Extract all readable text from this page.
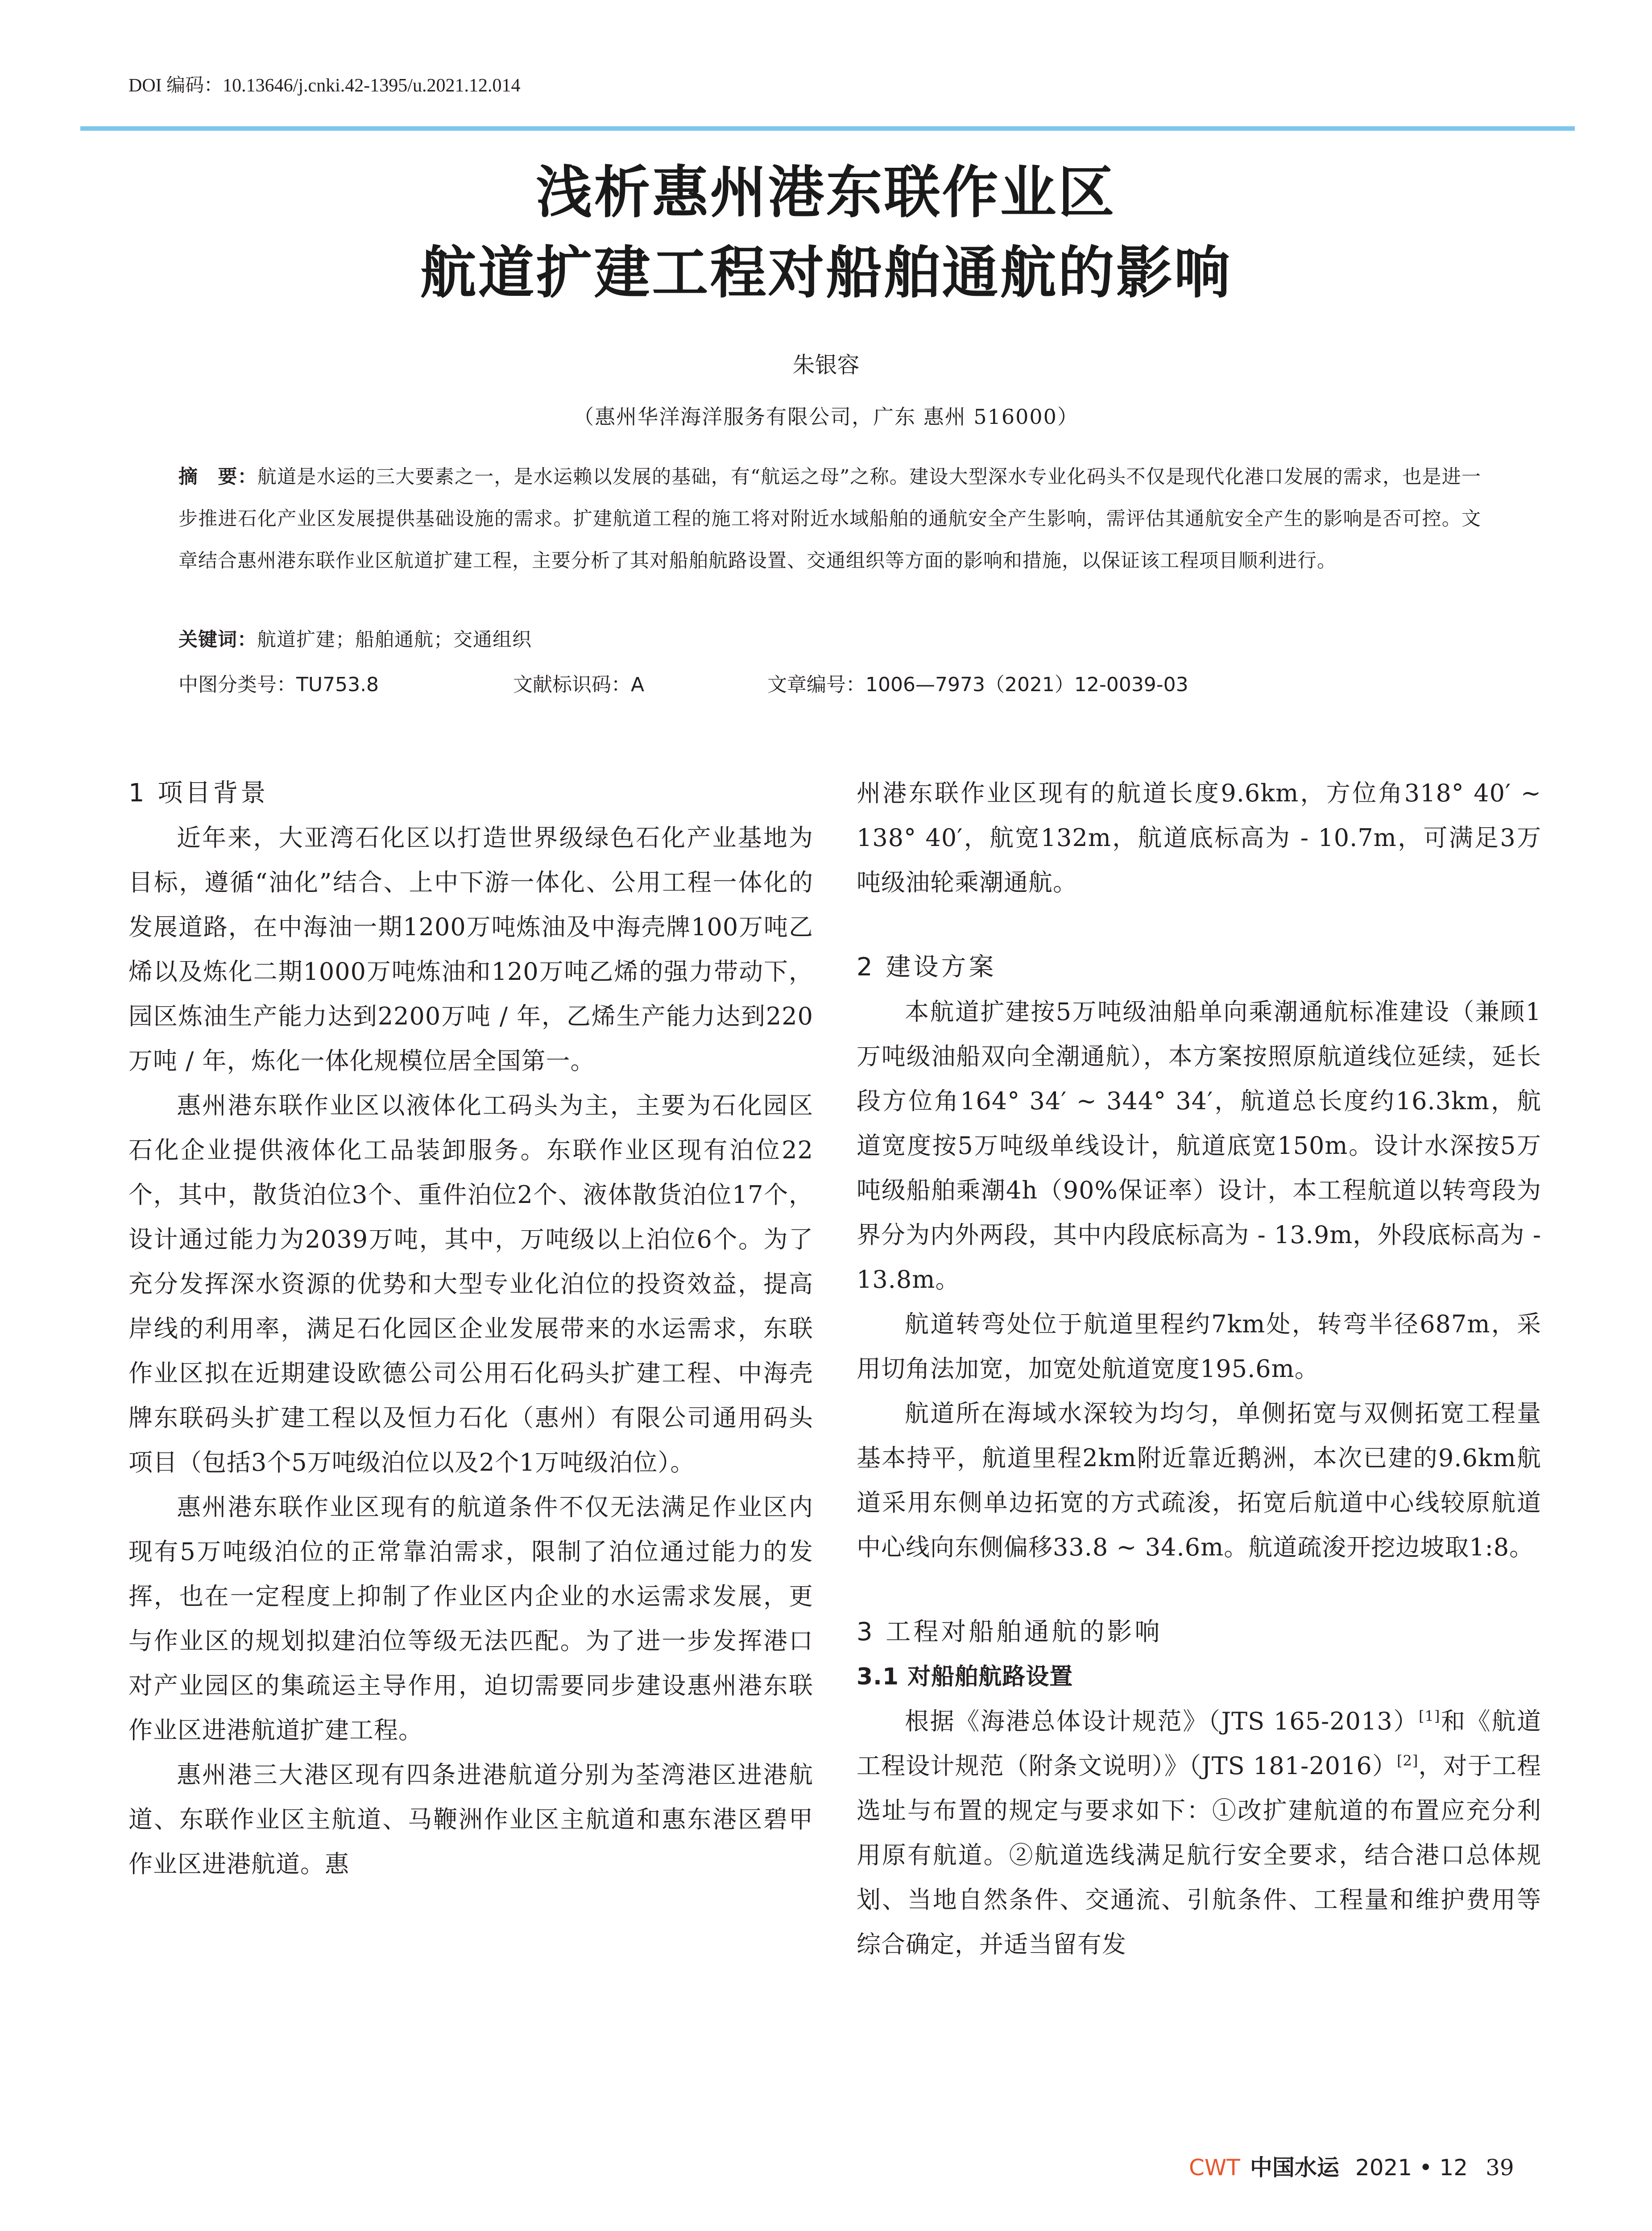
DOI 编码：10.13646/j.cnki.42-1395/u.2021.12.014
浅析惠州港东联作业区
航道扩建工程对船舶通航的影响
朱银容
（惠州华洋海洋服务有限公司，广东 惠州 516000）
摘　要：航道是水运的三大要素之一，是水运赖以发展的基础，有“航运之母”之称。建设大型深水专业化码头不仅是现代化港口发展的需求，也是进一步推进石化产业区发展提供基础设施的需求。扩建航道工程的施工将对附近水域船舶的通航安全产生影响，需评估其通航安全产生的影响是否可控。文章结合惠州港东联作业区航道扩建工程，主要分析了其对船舶航路设置、交通组织等方面的影响和措施，以保证该工程项目顺利进行。
关键词：航道扩建；船舶通航；交通组织
中图分类号：TU753.8	文献标识码：A	文章编号：1006—7973（2021）12-0039-03
1 项目背景

近年来，大亚湾石化区以打造世界级绿色石化产业基地为目标，遵循“油化”结合、上中下游一体化、公用工程一体化的发展道路，在中海油一期1200万吨炼油及中海壳牌100万吨乙烯以及炼化二期1000万吨炼油和120万吨乙烯的强力带动下，园区炼油生产能力达到2200万吨 / 年，乙烯生产能力达到220万吨 / 年，炼化一体化规模位居全国第一。

惠州港东联作业区以液体化工码头为主，主要为石化园区石化企业提供液体化工品装卸服务。东联作业区现有泊位22个，其中，散货泊位3个、重件泊位2个、液体散货泊位17个，设计通过能力为2039万吨，其中，万吨级以上泊位6个。为了充分发挥深水资源的优势和大型专业化泊位的投资效益，提高岸线的利用率，满足石化园区企业发展带来的水运需求，东联作业区拟在近期建设欧德公司公用石化码头扩建工程、中海壳牌东联码头扩建工程以及恒力石化（惠州）有限公司通用码头项目（包括3个5万吨级泊位以及2个1万吨级泊位）。

惠州港东联作业区现有的航道条件不仅无法满足作业区内现有5万吨级泊位的正常靠泊需求，限制了泊位通过能力的发挥，也在一定程度上抑制了作业区内企业的水运需求发展，更与作业区的规划拟建泊位等级无法匹配。为了进一步发挥港口对产业园区的集疏运主导作用，迫切需要同步建设惠州港东联作业区进港航道扩建工程。

惠州港三大港区现有四条进港航道分别为荃湾港区进港航道、东联作业区主航道、马鞭洲作业区主航道和惠东港区碧甲作业区进港航道。惠

州港东联作业区现有的航道长度9.6km，方位角318° 40′ ~ 138° 40′，航宽132m，航道底标高为 - 10.7m，可满足3万吨级油轮乘潮通航。

2 建设方案

本航道扩建按5万吨级油船单向乘潮通航标准建设（兼顾1万吨级油船双向全潮通航），本方案按照原航道线位延续，延长段方位角164° 34′ ~ 344° 34′，航道总长度约16.3km，航道宽度按5万吨级单线设计，航道底宽150m。设计水深按5万吨级船舶乘潮4h（90%保证率）设计，本工程航道以转弯段为界分为内外两段，其中内段底标高为 - 13.9m，外段底标高为 - 13.8m。

航道转弯处位于航道里程约7km处，转弯半径687m，采用切角法加宽，加宽处航道宽度195.6m。

航道所在海域水深较为均匀，单侧拓宽与双侧拓宽工程量基本持平，航道里程2km附近靠近鹅洲，本次已建的9.6km航道采用东侧单边拓宽的方式疏浚，拓宽后航道中心线较原航道中心线向东侧偏移33.8 ~ 34.6m。航道疏浚开挖边坡取1:8。

3 工程对船舶通航的影响
3.1 对船舶航路设置

根据《海港总体设计规范》（JTS 165-2013）[1]和《航道工程设计规范（附条文说明）》（JTS 181-2016）[2]，对于工程选址与布置的规定与要求如下：①改扩建航道的布置应充分利用原有航道。②航道选线满足航行安全要求，结合港口总体规划、当地自然条件、交通流、引航条件、工程量和维护费用等综合确定，并适当留有发

CWT 中国水运 2021 • 12 39
